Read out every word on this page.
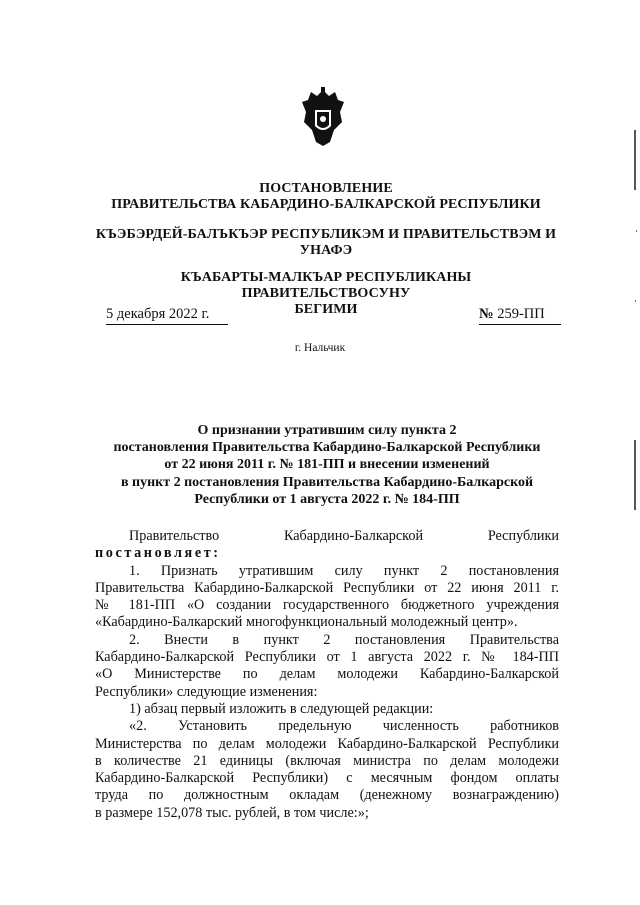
ПОСТАНОВЛЕНИЕ
ПРАВИТЕЛЬСТВА КАБАРДИНО-БАЛКАРСКОЙ РЕСПУБЛИКИ
КЪЭБЭРДЕЙ-БАЛЪКЪЭР РЕСПУБЛИКЭМ И ПРАВИТЕЛЬСТВЭМ И
УНАФЭ
КЪАБАРТЫ-МАЛКЪАР РЕСПУБЛИКАНЫ ПРАВИТЕЛЬСТВОСУНУ
БЕГИМИ
5 декабря 2022 г.	№ 259-ПП
г. Нальчик
О признании утратившим силу пункта 2
постановления Правительства Кабардино-Балкарской Республики
от 22 июня 2011 г. № 181-ПП и внесении изменений
в пункт 2 постановления Правительства Кабардино-Балкарской
Республики от 1 августа 2022 г. № 184-ПП

Правительство Кабардино-Балкарской Республики

постановляет:

1. Признать утратившим силу пункт 2 постановления

Правительства Кабардино-Балкарской Республики от 22 июня 2011 г.

№ 181-ПП «О создании государственного бюджетного учреждения

«Кабардино-Балкарский многофункциональный молодежный центр».

2. Внести в пункт 2 постановления Правительства

Кабардино-Балкарской Республики от 1 августа 2022 г. № 184-ПП

«О Министерстве по делам молодежи Кабардино-Балкарской

Республики» следующие изменения:

1) абзац первый изложить в следующей редакции:

«2. Установить предельную численность работников

Министерства по делам молодежи Кабардино-Балкарской Республики

в количестве 21 единицы (включая министра по делам молодежи

Кабардино-Балкарской Республики) с месячным фондом оплаты

труда по должностным окладам (денежному вознаграждению)

в размере 152,078 тыс. рублей, в том числе:»;
